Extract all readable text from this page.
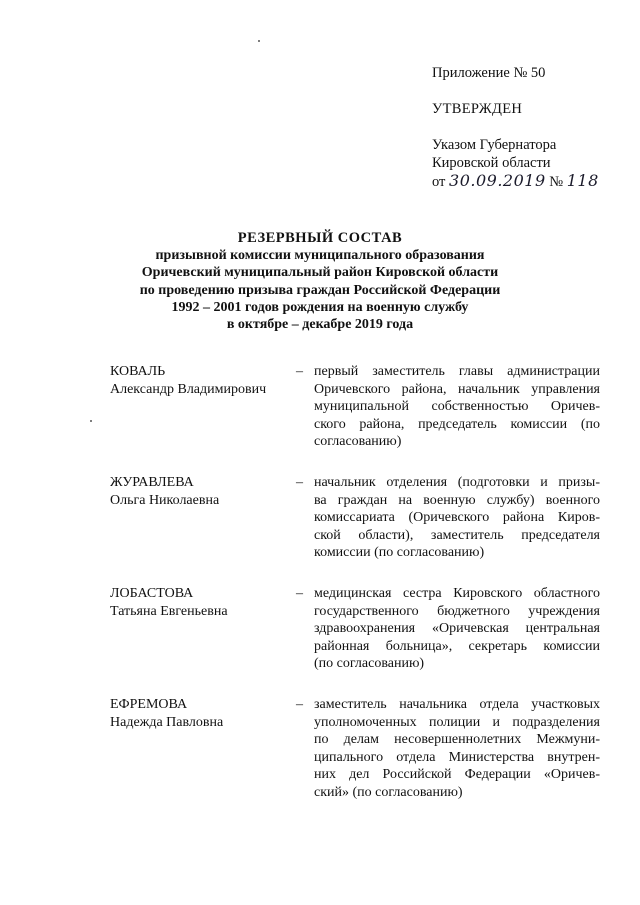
Приложение № 50
УТВЕРЖДЕН
Указом Губернатора
Кировской области
от 30.09.2019 № 118
РЕЗЕРВНЫЙ СОСТАВ
призывной комиссии муниципального образования
Оричевский муниципальный район Кировской области
по проведению призыва граждан Российской Федерации
1992 – 2001 годов рождения на военную службу
в октябре – декабре 2019 года
КОВАЛЬ
Александр Владимирович
– первый заместитель главы администрации
Оричевского района, начальник управления
муниципальной собственностью Оричев-
ского района, председатель комиссии (по
согласованию)
ЖУРАВЛЕВА
Ольга Николаевна
– начальник отделения (подготовки и призы-
ва граждан на военную службу) военного
комиссариата (Оричевского района Киров-
ской области), заместитель председателя
комиссии (по согласованию)
ЛОБАСТОВА
Татьяна Евгеньевна
– медицинская сестра Кировского областного
государственного бюджетного учреждения
здравоохранения «Оричевская центральная
районная больница», секретарь комиссии
(по согласованию)
ЕФРЕМОВА
Надежда Павловна
– заместитель начальника отдела участковых
уполномоченных полиции и подразделения
по делам несовершеннолетних Межмуни-
ципального отдела Министерства внутрен-
них дел Российской Федерации «Оричев-
ский» (по согласованию)
